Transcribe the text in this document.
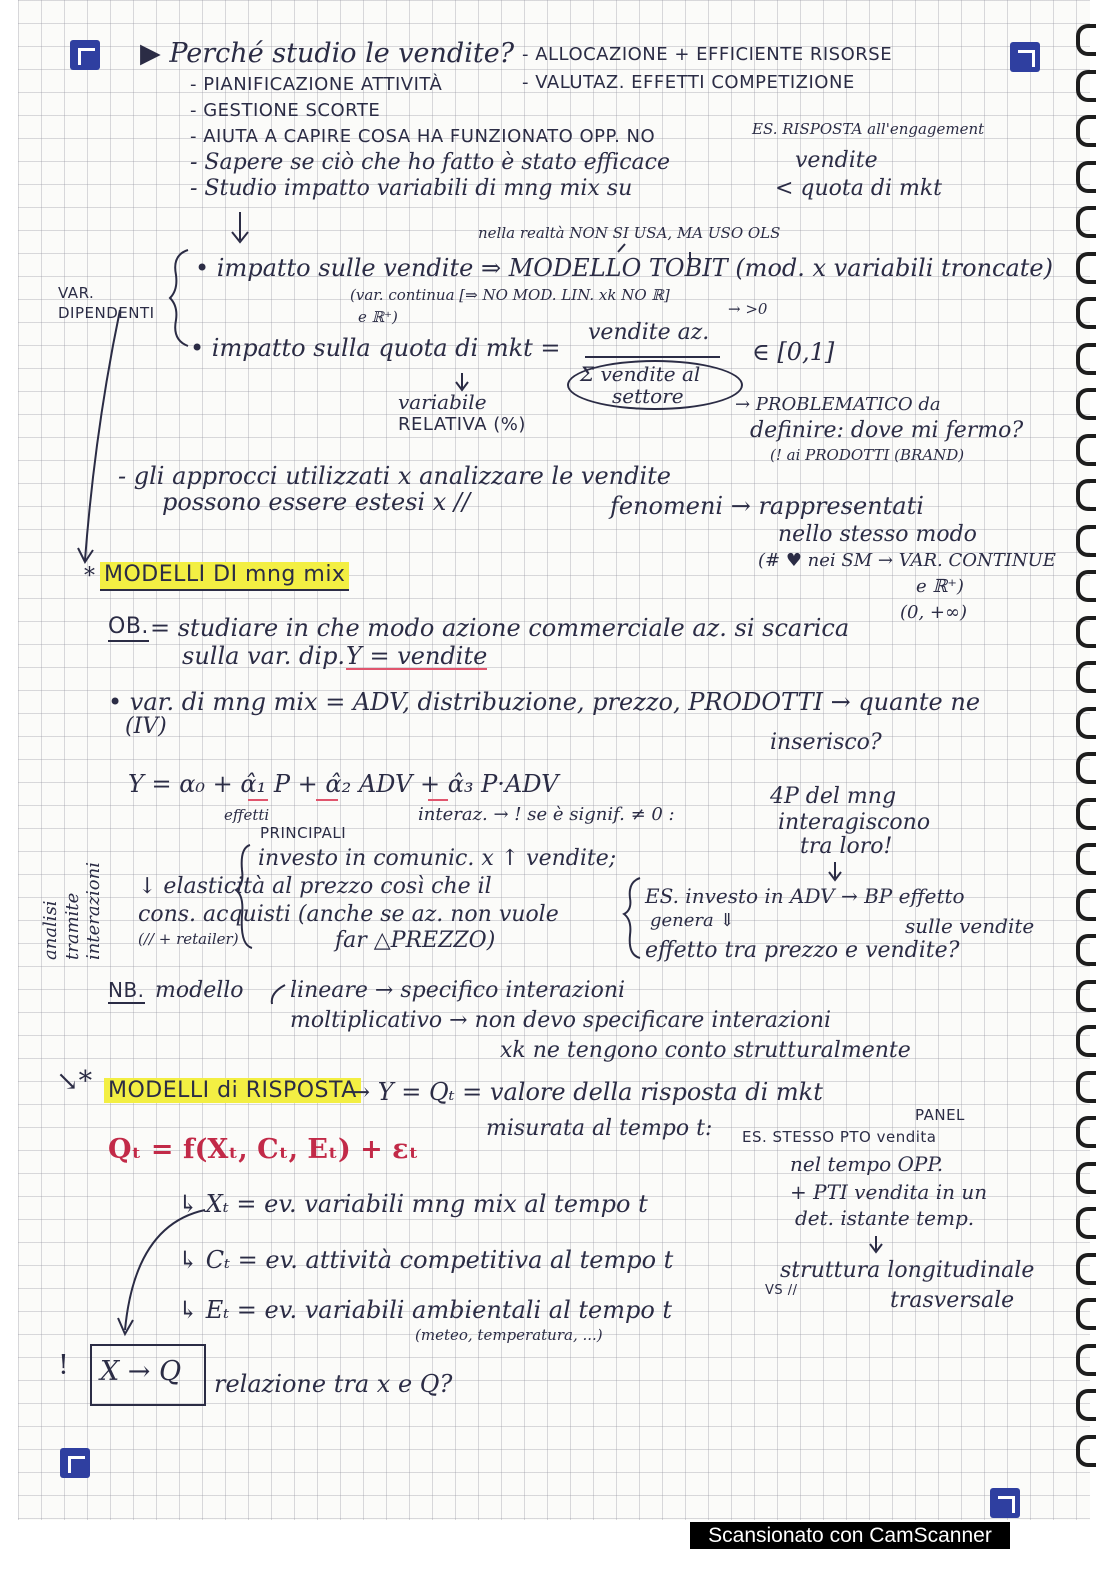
▶ Perché studio le vendite? - ALLOCAZIONE + EFFICIENTE RISORSE
- VALUTAZ. EFFETTI COMPETIZIONE
- PIANIFICAZIONE ATTIVITÀ
- GESTIONE SCORTE
- AIUTA A CAPIRE COSA HA FUNZIONATO OPP. NO
- Sapere se ciò che ho fatto è stato efficace
- Studio impatto variabili di mng mix su
ES. RISPOSTA all'engagement
vendite
< quota di mkt
nella realtà NON SI USA, MA USO OLS
VAR. DIPENDENTI
• impatto sulle vendite ⇒ MODELLO TOBIT (mod. x variabili troncate)
(var. continua [⇒ NO MOD. LIN. xk NO ℝ]
e ℝ⁺)	→ >0
• impatto sulla quota di mkt =
vendite az.
Σ vendite al
settore
∈ [0,1]
variabile
RELATIVA (%)
→ PROBLEMATICO da
definire: dove mi fermo?
(! ai PRODOTTI (BRAND)
- gli approcci utilizzati x analizzare le vendite
possono essere estesi x //	fenomeni → rappresentati
nello stesso modo
(# ♥ nei SM → VAR. CONTINUE
e ℝ⁺)
(0, +∞)
* MODELLI DI mng mix
OB. = studiare in che modo azione commerciale az. si scarica
sulla var. dip. Y = vendite
• var. di mng mix = ADV, distribuzione, prezzo, PRODOTTI → quante ne
(IV)
inserisco?
Y = α₀ + α̂₁ P + α̂₂ ADV + α̂₃ P·ADV
effetti
PRINCIPALI
interaz. → ! se è signif. ≠ 0 :
4P del mng
interagiscono
tra loro!
analisi tramite interazioni
investo in comunic. x ↑ vendite;
↓ elasticità al prezzo così che il
cons. acquisti (anche se az. non vuole
(// + retailer)	far △PREZZO)
ES. investo in ADV → BP effetto
genera ⇓	sulle vendite
effetto tra prezzo e vendite?
NB. modello lineare → specifico interazioni
moltiplicativo → non devo specificare interazioni
xk ne tengono conto strutturalmente
↘* MODELLI di RISPOSTA
→ Y = Qₜ = valore della risposta di mkt
misurata al tempo t: ES. STESSO PTO vendita
PANEL
nel tempo OPP.
+ PTI vendita in un
det. istante temp.
Qₜ = f(Xₜ, Cₜ, Eₜ) + εₜ
↳ Xₜ = ev. variabili mng mix al tempo t
↳ Cₜ = ev. attività competitiva al tempo t
↳ Eₜ = ev. variabili ambientali al tempo t
(meteo, temperatura, ...)
struttura longitudinale
VS //	trasversale
! X → Q relazione tra x e Q?
Scansionato con CamScanner
